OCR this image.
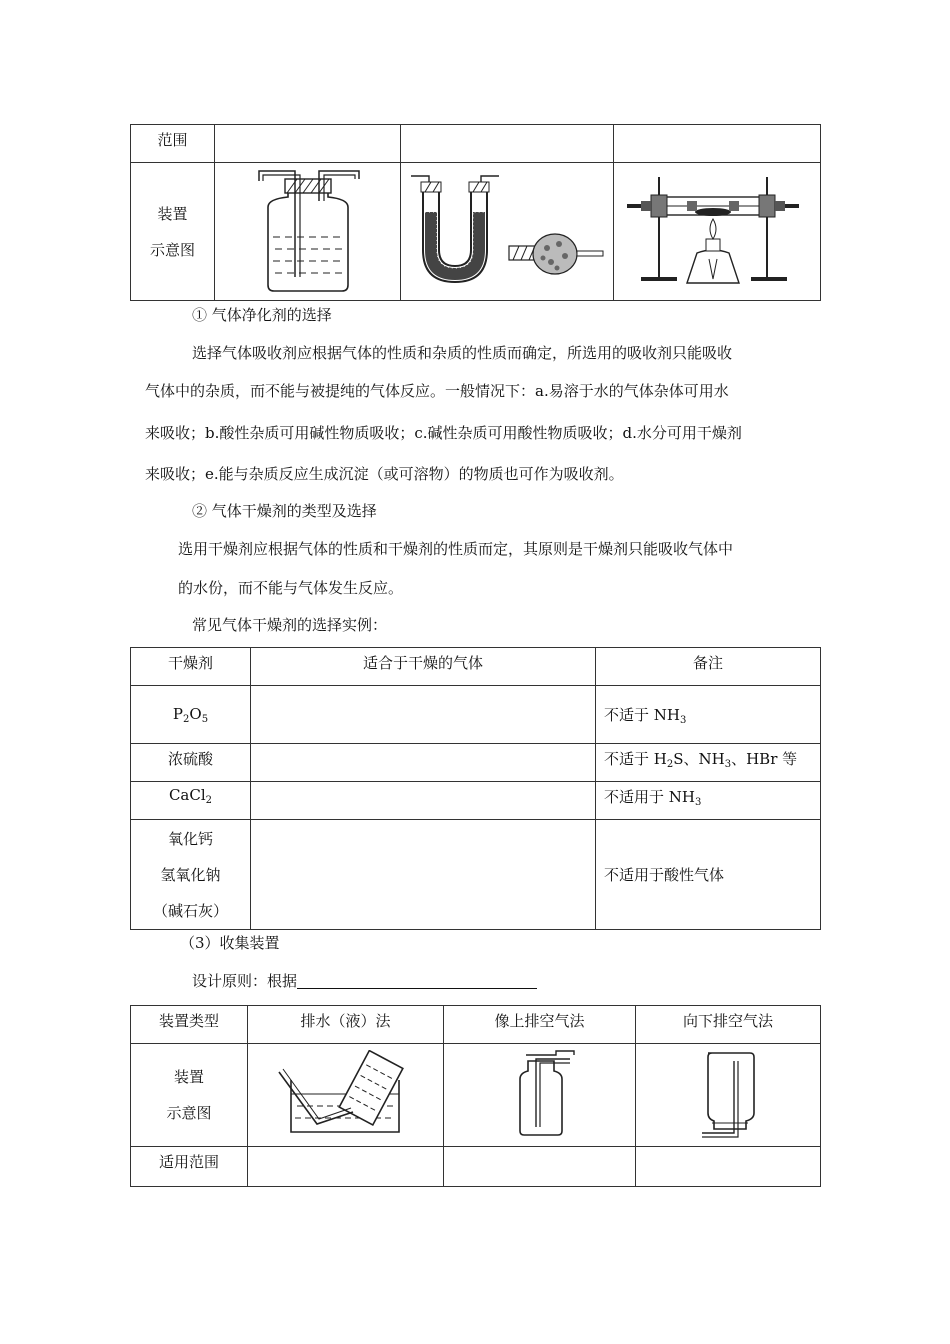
范围			

装置
示意图

① 气体净化剂的选择
选择气体吸收剂应根据气体的性质和杂质的性质而确定，所选用的吸收剂只能吸收
气体中的杂质，而不能与被提纯的气体反应。一般情况下：a.易溶于水的气体杂体可用水
来吸收；b.酸性杂质可用碱性物质吸收；c.碱性杂质可用酸性物质吸收；d.水分可用干燥剂
来吸收；e.能与杂质反应生成沉淀（或可溶物）的物质也可作为吸收剂。
② 气体干燥剂的类型及选择
选用干燥剂应根据气体的性质和干燥剂的性质而定，其原则是干燥剂只能吸收气体中
的水份，而不能与气体发生反应。
常见气体干燥剂的选择实例：
干燥剂	适合于干燥的气体	备注
$P_2O_5$		不适于 $NH_3$
浓硫酸		不适于 $H_2S$、$NH_3$、HBr 等
CaCl$_2$		不适用于 $NH_3$

氧化钙
氢氧化钠
（碱石灰）		不适用于酸性气体
（3）收集装置
设计原则：根据
装置类型	排水（液）法	像上排空气法	向下排空气法

装置
示意图

适用范围			
